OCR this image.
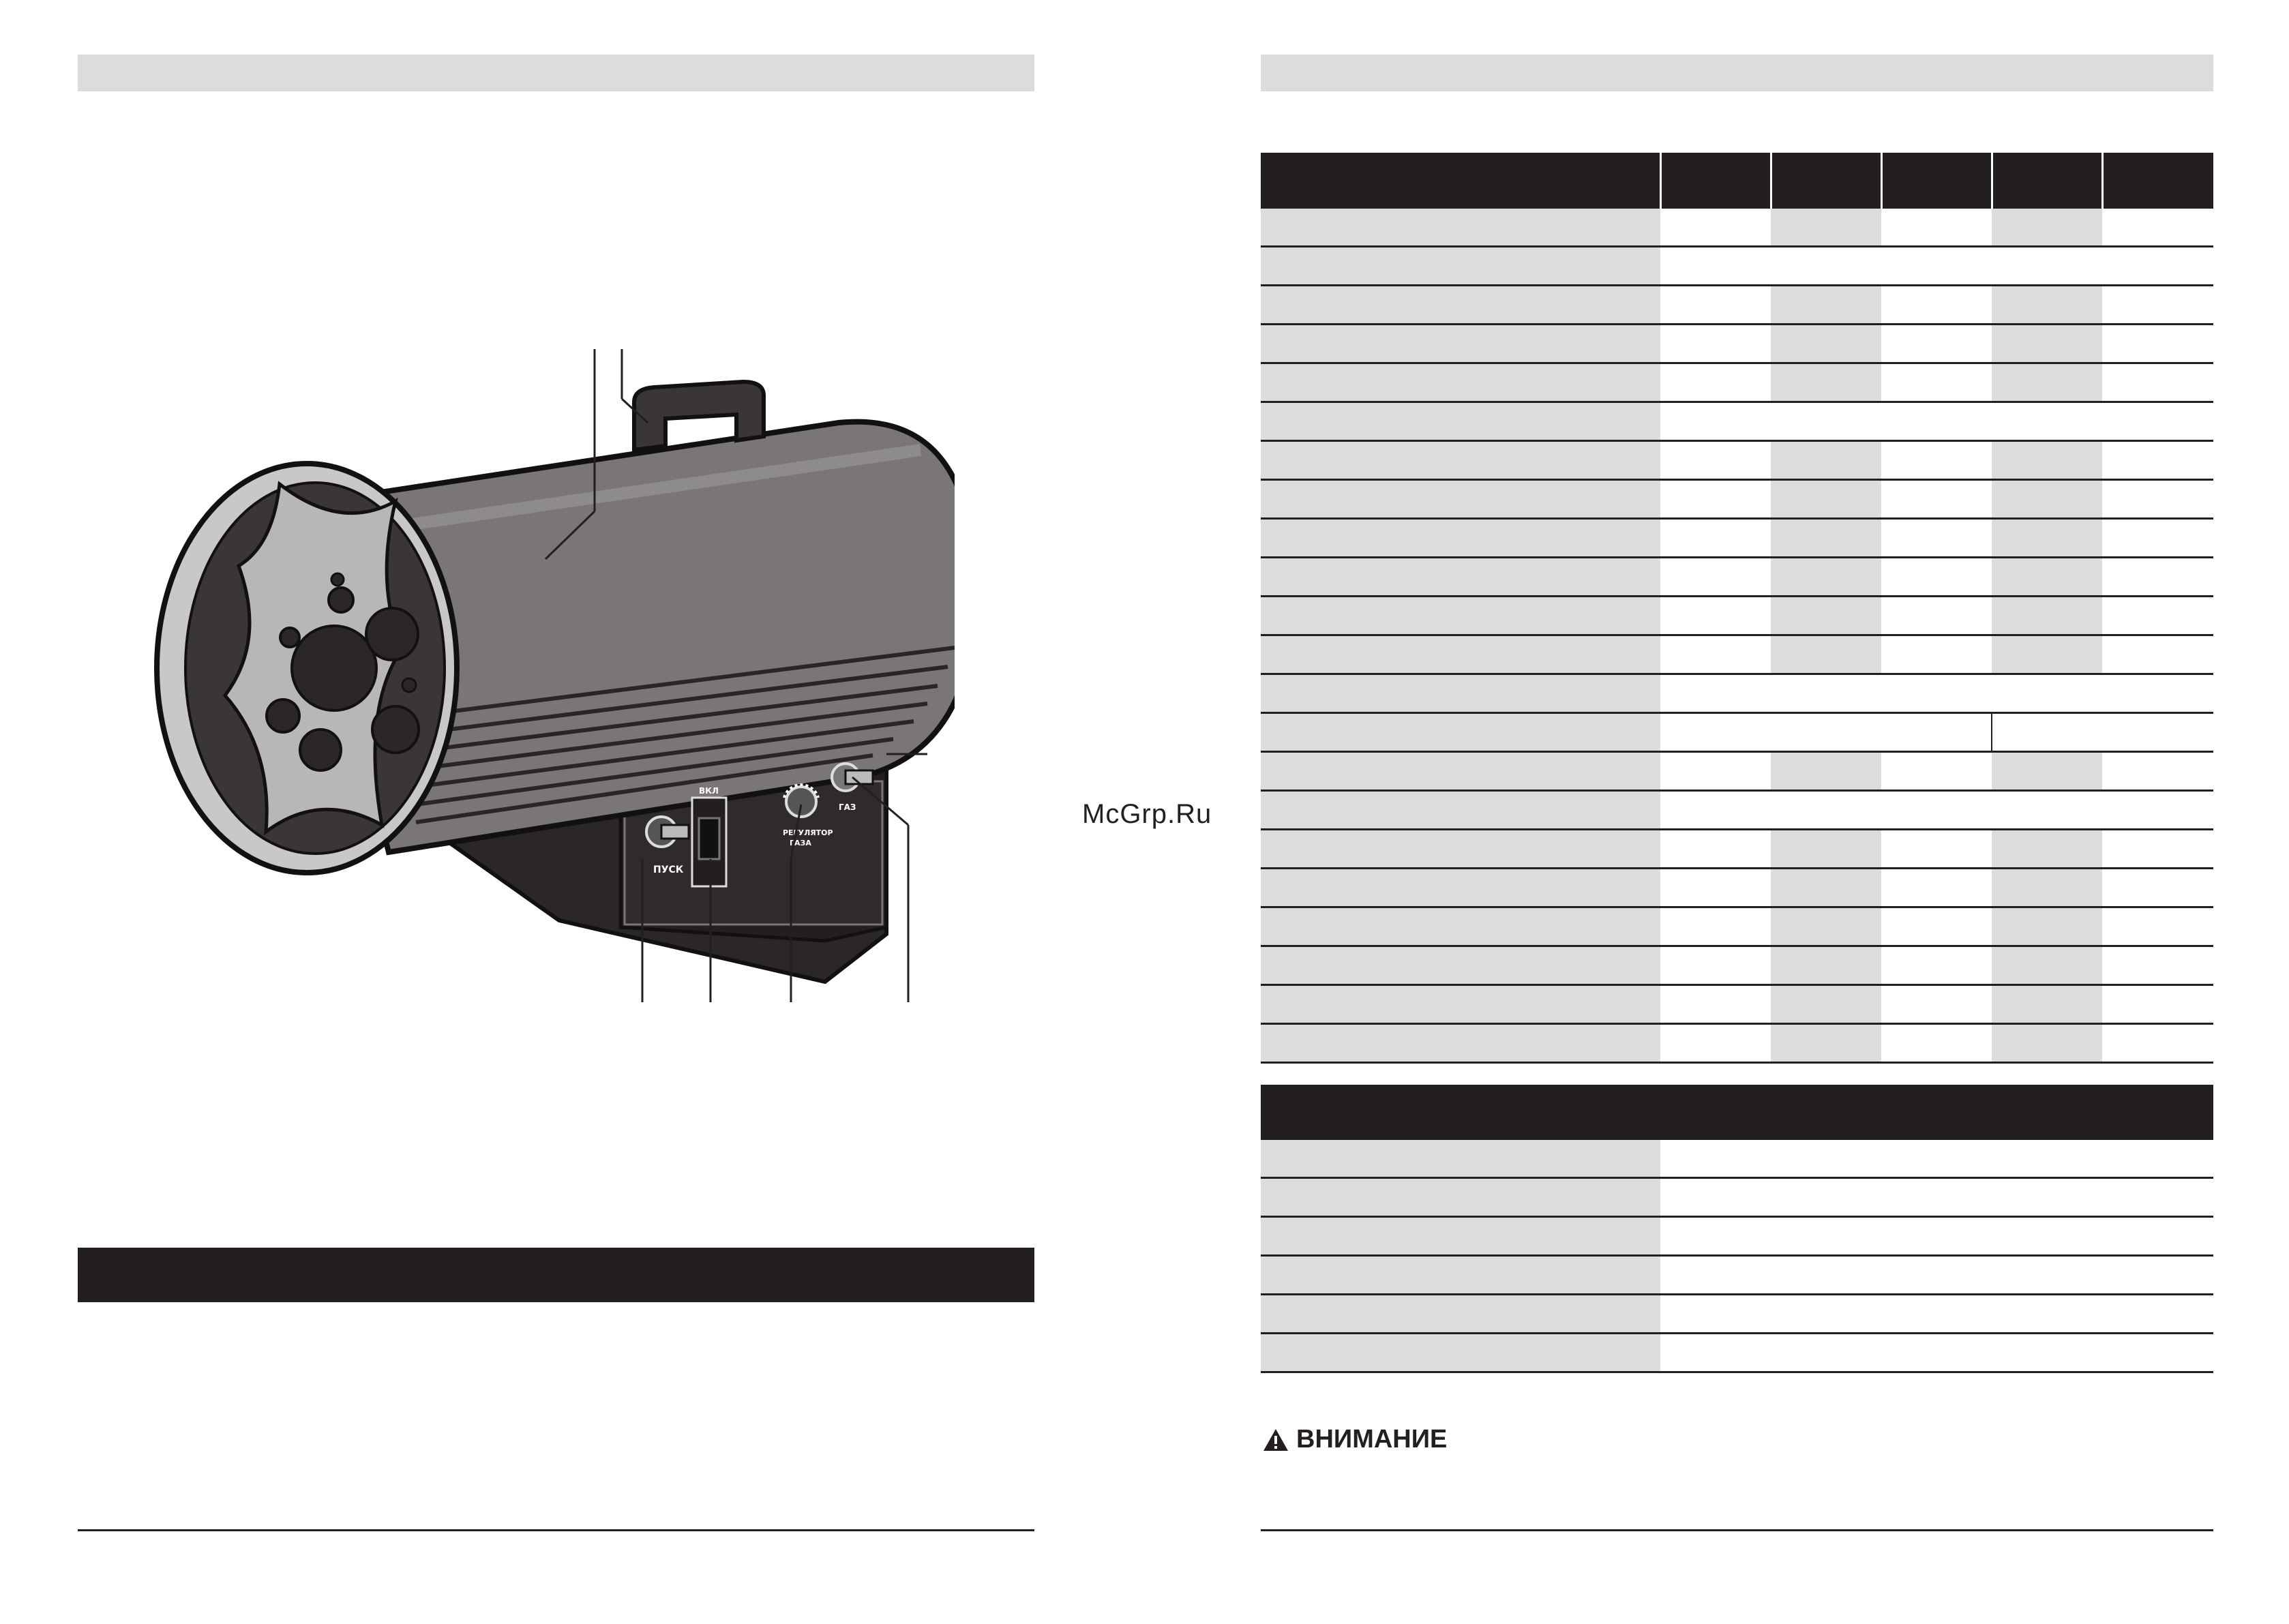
ПУСК
ВКЛ
РЕГУЛЯТОР
ГАЗА
ГАЗ

		McGrp.Ru
ВНИМАНИЕ
